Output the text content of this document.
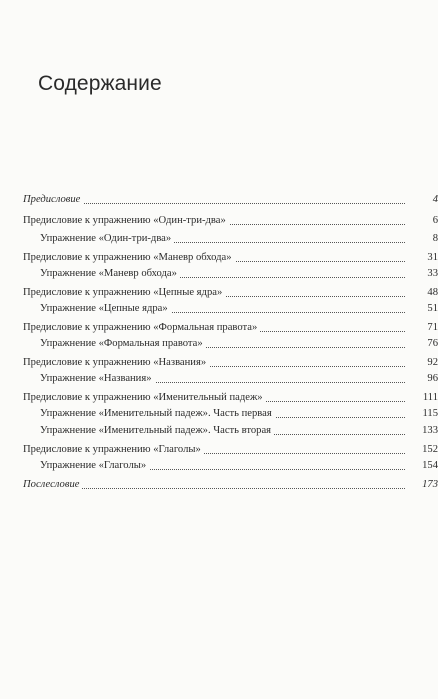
Содержание
Предисловие	4
Предисловие к упражнению «Один-три-два»	6
Упражнение «Один-три-два»	8
Предисловие к упражнению «Маневр обхода»	31
Упражнение «Маневр обхода»	33
Предисловие к упражнению «Цепные ядра»	48
Упражнение «Цепные ядра»	51
Предисловие к упражнению «Формальная правота»	71
Упражнение «Формальная правота»	76
Предисловие к упражнению «Названия»	92
Упражнение «Названия»	96
Предисловие к упражнению «Именительный падеж»	111
Упражнение «Именительный падеж». Часть первая	115
Упражнение «Именительный падеж». Часть вторая	133
Предисловие к упражнению «Глаголы»	152
Упражнение «Глаголы»	154
Послесловие	173
